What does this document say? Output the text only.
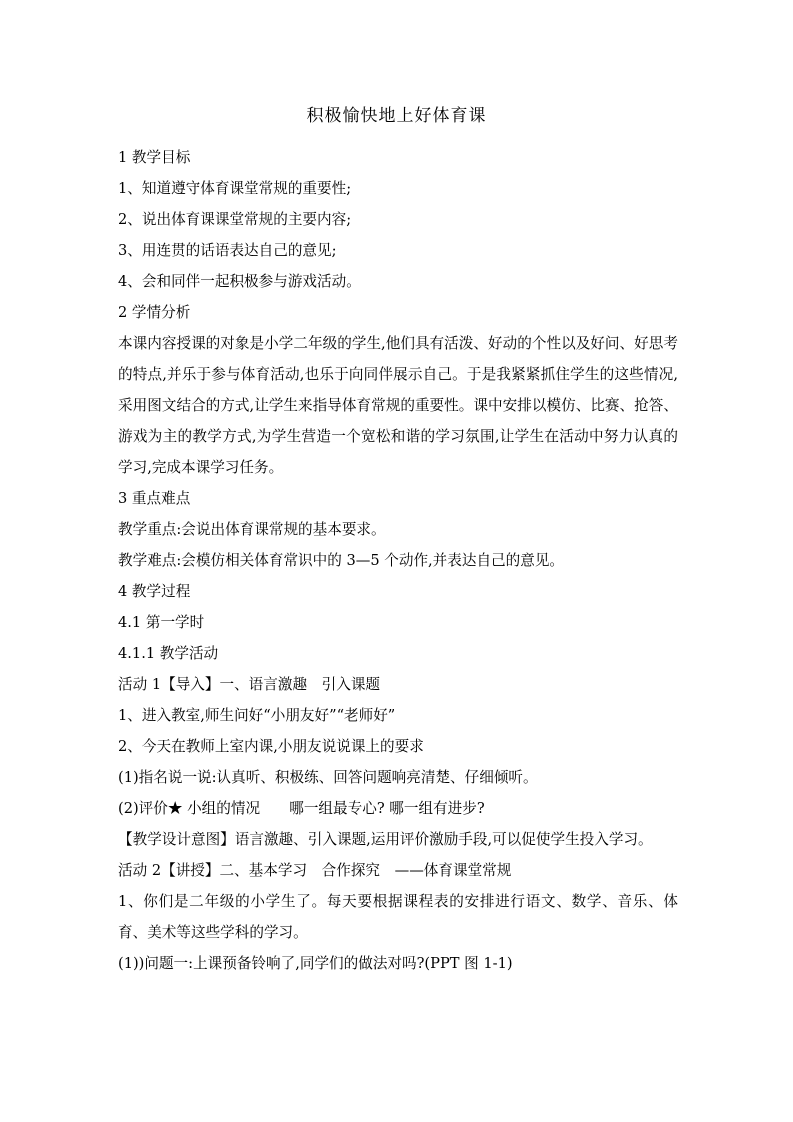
积极愉快地上好体育课
1 教学目标
1、知道遵守体育课堂常规的重要性;
2、说出体育课课堂常规的主要内容;
3、用连贯的话语表达自己的意见;
4、会和同伴一起积极参与游戏活动。
2 学情分析
本课内容授课的对象是小学二年级的学生,他们具有活泼、好动的个性以及好问、好思考的特点,并乐于参与体育活动,也乐于向同伴展示自己。于是我紧紧抓住学生的这些情况,采用图文结合的方式,让学生来指导体育常规的重要性。课中安排以模仿、比赛、抢答、游戏为主的教学方式,为学生营造一个宽松和谐的学习氛围,让学生在活动中努力认真的学习,完成本课学习任务。
3 重点难点
教学重点:会说出体育课常规的基本要求。
教学难点:会模仿相关体育常识中的 3—5 个动作,并表达自己的意见。
4 教学过程
4.1 第一学时
4.1.1 教学活动
活动 1【导入】一、语言激趣　引入课题
1、进入教室,师生问好“小朋友好”“老师好”
2、今天在教师上室内课,小朋友说说课上的要求
(1)指名说一说:认真听、积极练、回答问题响亮清楚、仔细倾听。
(2)评价★ 小组的情况　　哪一组最专心? 哪一组有进步?
【教学设计意图】语言激趣、引入课题,运用评价激励手段,可以促使学生投入学习。
活动 2【讲授】二、基本学习　合作探究　——体育课堂常规
1、你们是二年级的小学生了。每天要根据课程表的安排进行语文、数学、音乐、体育、美术等这些学科的学习。
(1))问题一:上课预备铃响了,同学们的做法对吗?(PPT 图 1-1)
